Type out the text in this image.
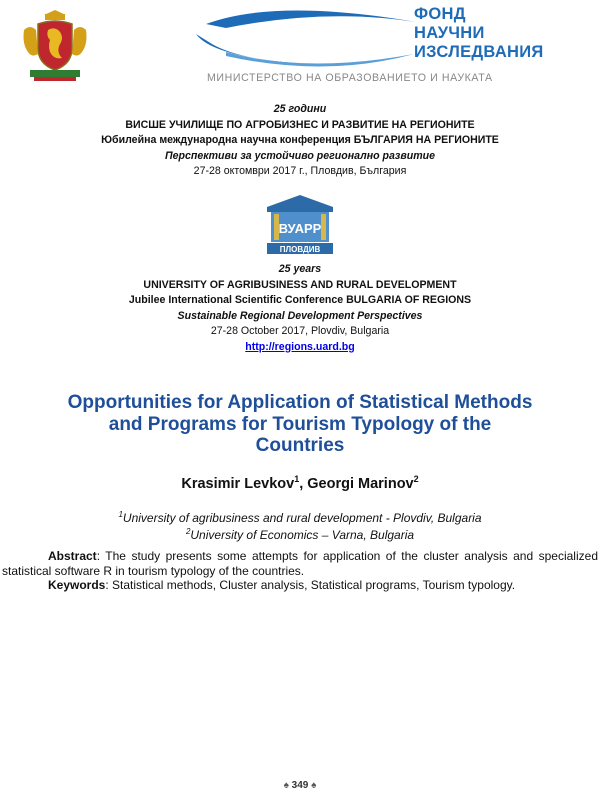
ФОНД
НАУЧНИ
ИЗСЛЕДВАНИЯ
МИНИСТЕРСТВО НА ОБРАЗОВАНИЕТО И НАУКАТА
25 години
ВИСШЕ УЧИЛИЩЕ ПО АГРОБИЗНЕС И РАЗВИТИЕ НА РЕГИОНИТЕ
Юбилейна международна научна конференция БЪЛГАРИЯ НА РЕГИОНИТЕ
Перспективи за устойчиво регионално развитие
27-28 октомври 2017 г., Пловдив, България
ВУАРР
ПЛОВДИВ
25 years
UNIVERSITY OF AGRIBUSINESS AND RURAL DEVELOPMENT
Jubilee International Scientific Conference BULGARIA OF REGIONS
Sustainable Regional Development Perspectives
27-28 October 2017, Plovdiv, Bulgaria
http://regions.uard.bg
Opportunities for Application of Statistical Methods
and Programs for Tourism Typology of the
Countries
Krasimir Levkov$^1$, Georgi Marinov$^2$
$^1$University of agribusiness and rural development - Plovdiv, Bulgaria
$^2$University of Economics – Varna, Bulgaria

Abstract: The study presents some attempts for application of the cluster analysis and specialized statistical software R in tourism typology of the countries.

Keywords: Statistical methods, Cluster analysis, Statistical programs, Tourism typology.

♠ 349 ♠
